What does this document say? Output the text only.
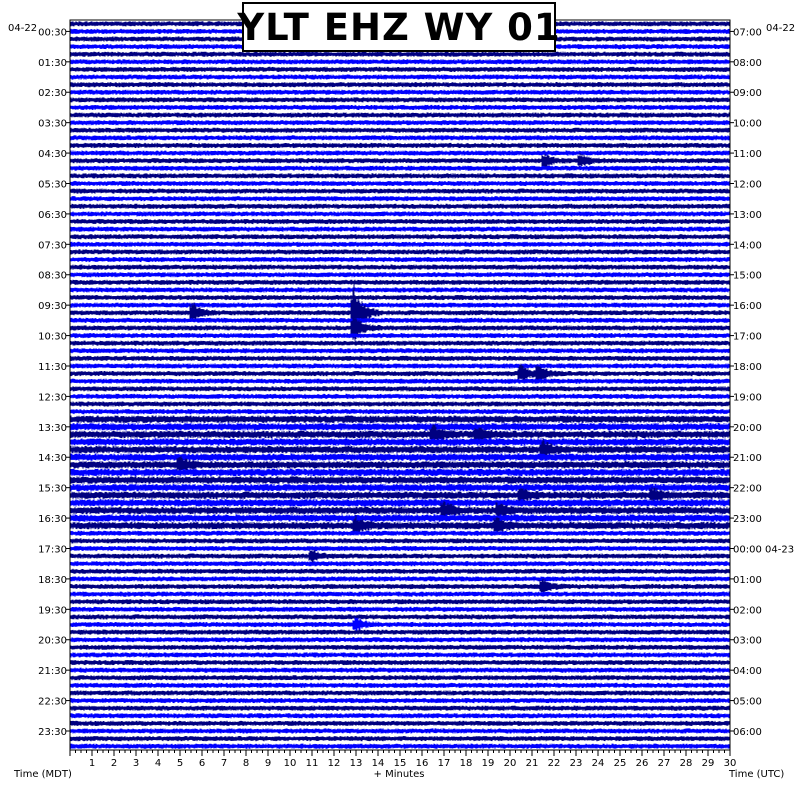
1 2 3 4 5 6 7 8 9 10 11 12 13 14 15 16 17 18 19 20 21 22 23 24 25 26 27 28 29 30
00:30
01:30
02:30
03:30
04:30
05:30
06:30
07:30
08:30
09:30
10:30
11:30
12:30
13:30
14:30
15:30
16:30
17:30
18:30
19:30
20:30
21:30
22:30
23:30
07:00
08:00
09:00
10:00
11:00
12:00
13:00
14:00
15:00
16:00
17:00
18:00
19:00
20:00
21:00
22:00
23:00
00:00 04-23
01:00
02:00
03:00
04:00
05:00
06:00
04-22	04-22
Time (MDT)	+ Minutes	Time (UTC)
YLT EHZ WY 01
